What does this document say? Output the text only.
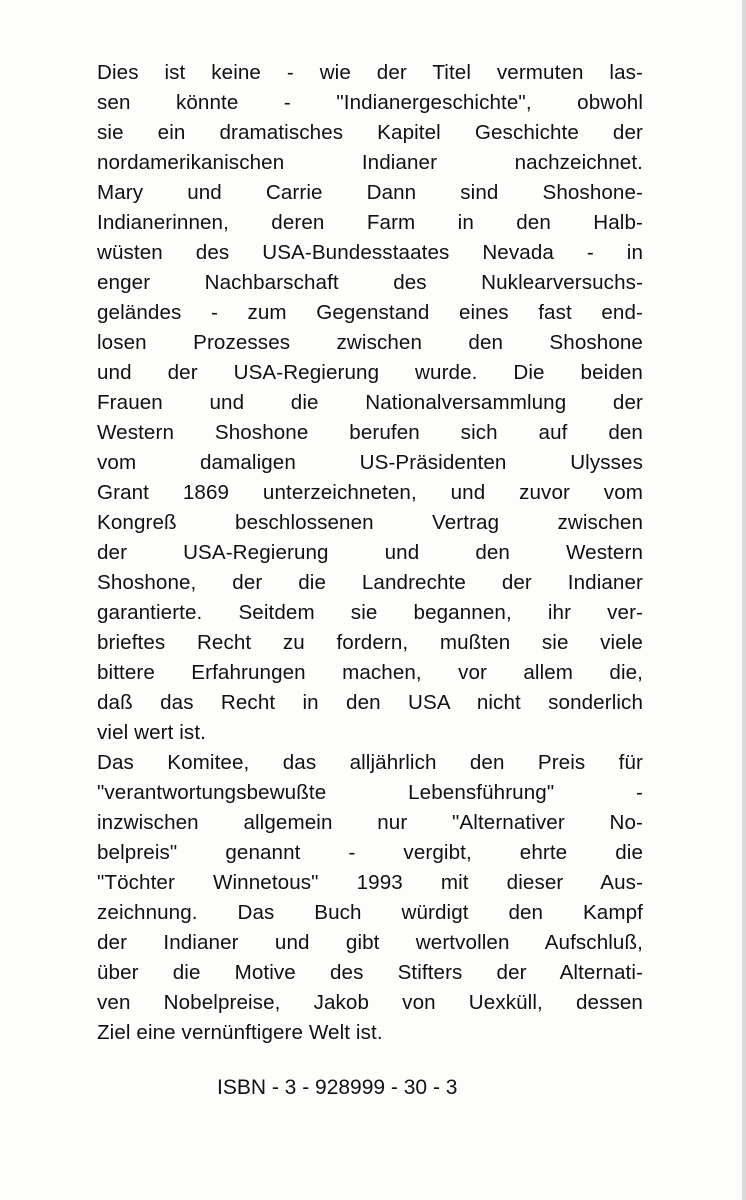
Dies ist keine - wie der Titel vermuten las-
sen könnte - "Indianergeschichte", obwohl
sie ein dramatisches Kapitel Geschichte der
nordamerikanischen Indianer nachzeichnet.
Mary und Carrie Dann sind Shoshone-
Indianerinnen, deren Farm in den Halb-
wüsten des USA-Bundesstaates Nevada - in
enger Nachbarschaft des Nuklearversuchs-
geländes - zum Gegenstand eines fast end-
losen Prozesses zwischen den Shoshone
und der USA-Regierung wurde. Die beiden
Frauen und die Nationalversammlung der
Western Shoshone berufen sich auf den
vom damaligen US-Präsidenten Ulysses
Grant 1869 unterzeichneten, und zuvor vom
Kongreß beschlossenen Vertrag zwischen
der USA-Regierung und den Western
Shoshone, der die Landrechte der Indianer
garantierte. Seitdem sie begannen, ihr ver-
brieftes Recht zu fordern, mußten sie viele
bittere Erfahrungen machen, vor allem die,
daß das Recht in den USA nicht sonderlich
viel wert ist.
Das Komitee, das alljährlich den Preis für
"verantwortungsbewußte Lebensführung" -
inzwischen allgemein nur "Alternativer No-
belpreis" genannt - vergibt, ehrte die
"Töchter Winnetous" 1993 mit dieser Aus-
zeichnung. Das Buch würdigt den Kampf
der Indianer und gibt wertvollen Aufschluß,
über die Motive des Stifters der Alternati-
ven Nobelpreise, Jakob von Uexküll, dessen
Ziel eine vernünftigere Welt ist.
ISBN - 3 - 928999 - 30 - 3
